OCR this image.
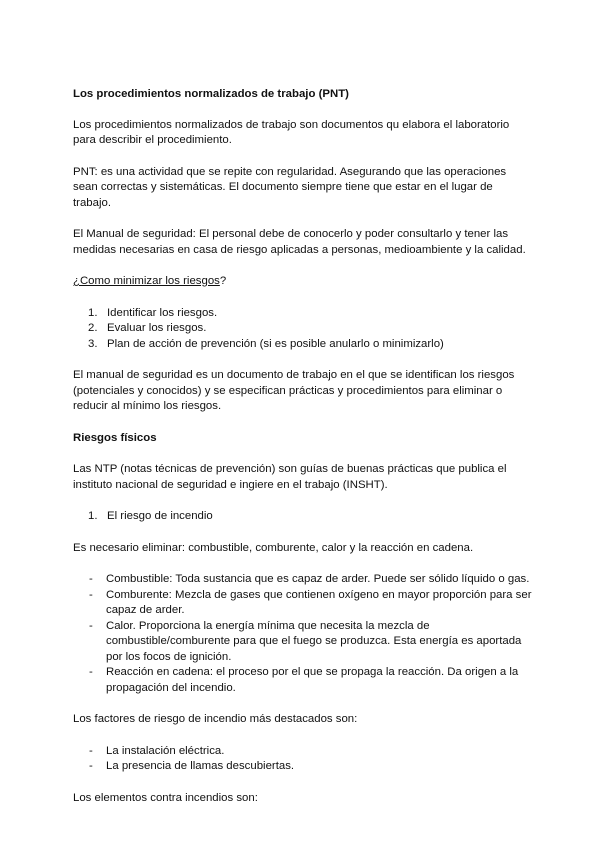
Los procedimientos normalizados de trabajo (PNT)

Los procedimientos normalizados de trabajo son documentos qu elabora el laboratorio para describir el procedimiento.

PNT: es una actividad que se repite con regularidad. Asegurando que las operaciones sean correctas y sistemáticas. El documento siempre tiene que estar en el lugar de trabajo.

El Manual de seguridad: El personal debe de conocerlo y poder consultarlo y tener las medidas necesarias en casa de riesgo aplicadas a personas, medioambiente y la calidad.

¿Como minimizar los riesgos?

1. Identificar los riesgos.
2. Evaluar los riesgos.
3. Plan de acción de prevención (si es posible anularlo o minimizarlo)

El manual de seguridad es un documento de trabajo en el que se identifican los riesgos (potenciales y conocidos) y se especifican prácticas y procedimientos para eliminar o reducir al mínimo los riesgos.

Riesgos físicos

Las NTP (notas técnicas de prevención) son guías de buenas prácticas que publica el instituto nacional de seguridad e ingiere en el trabajo (INSHT).

1. El riesgo de incendio

Es necesario eliminar: combustible, comburente, calor y la reacción en cadena.

- Combustible: Toda sustancia que es capaz de arder. Puede ser sólido líquido o gas.
- Comburente: Mezcla de gases que contienen oxígeno en mayor proporción para ser capaz de arder.
- Calor. Proporciona la energía mínima que necesita la mezcla de combustible/comburente para que el fuego se produzca. Esta energía es aportada por los focos de ignición.
- Reacción en cadena: el proceso por el que se propaga la reacción. Da origen a la propagación del incendio.

Los factores de riesgo de incendio más destacados son:

- La instalación eléctrica.
- La presencia de llamas descubiertas.

Los elementos contra incendios son:
